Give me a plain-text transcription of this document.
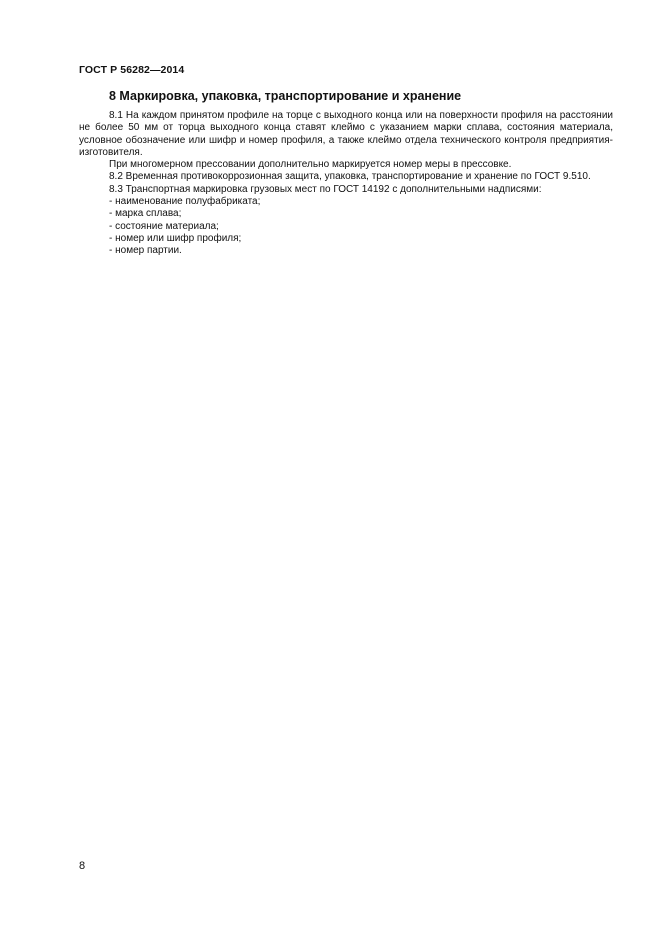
ГОСТ Р 56282—2014
8 Маркировка, упаковка, транспортирование и хранение

8.1 На каждом принятом профиле на торце с выходного конца или на поверхности профиля на расстоянии не более 50 мм от торца выходного конца ставят клеймо с указанием марки сплава, состояния материала, условное обозначение или шифр и номер профиля, а также клеймо отдела технического контроля предприятия-изготовителя.

При многомерном прессовании дополнительно маркируется номер меры в прессовке.

8.2 Временная противокоррозионная защита, упаковка, транспортирование и хранение по ГОСТ 9.510.

8.3 Транспортная маркировка грузовых мест по ГОСТ 14192 с дополнительными надписями:

- наименование полуфабриката;
- марка сплава;
- состояние материала;
- номер или шифр профиля;
- номер партии.
8
